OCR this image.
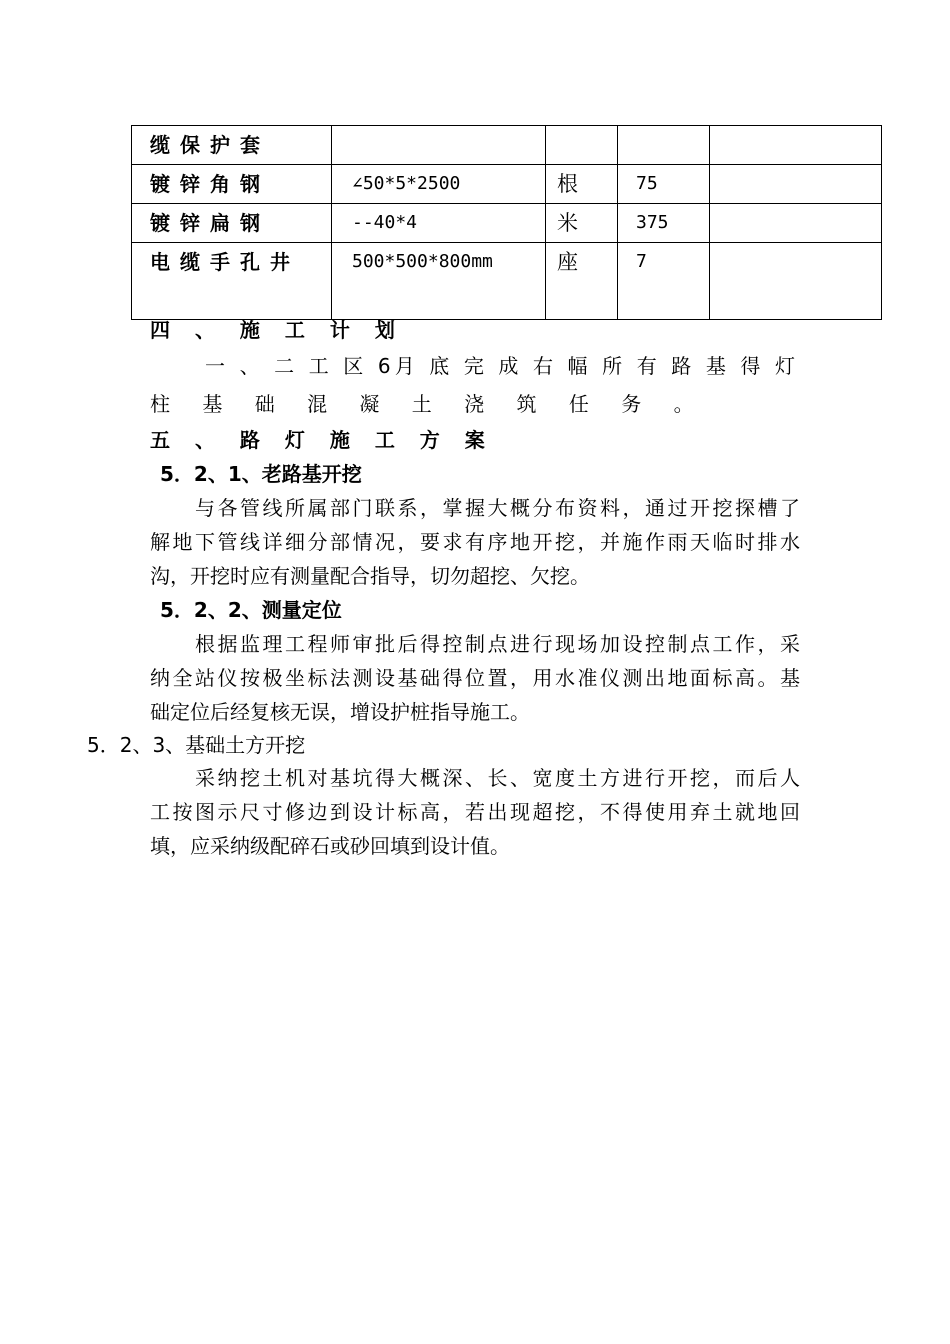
缆保护套				
镀锌角钢	∠50*5*2500	根	75	
镀锌扁钢	--40*4	米	375	
电缆手孔井	500*500*800mm	座	7	
四 、 施 工 计 划
一 、 二 工 区 6月 底 完 成 右 幅 所 有 路 基 得 灯
柱 基 础 混 凝 土 浇 筑 任 务 。
五 、 路 灯 施 工 方 案
5．2、1、老路基开挖
与各管线所属部门联系，掌握大概分布资料，通过开挖探槽了
解地下管线详细分部情况，要求有序地开挖，并施作雨天临时排水
沟，开挖时应有测量配合指导，切勿超挖、欠挖。
5．2、2、测量定位
根据监理工程师审批后得控制点进行现场加设控制点工作，采
纳全站仪按极坐标法测设基础得位置，用水准仪测出地面标高。基
础定位后经复核无误，增设护桩指导施工。
5．2、3、基础土方开挖
采纳挖土机对基坑得大概深、长、宽度土方进行开挖，而后人
工按图示尺寸修边到设计标高，若出现超挖，不得使用弃土就地回
填，应采纳级配碎石或砂回填到设计值。
